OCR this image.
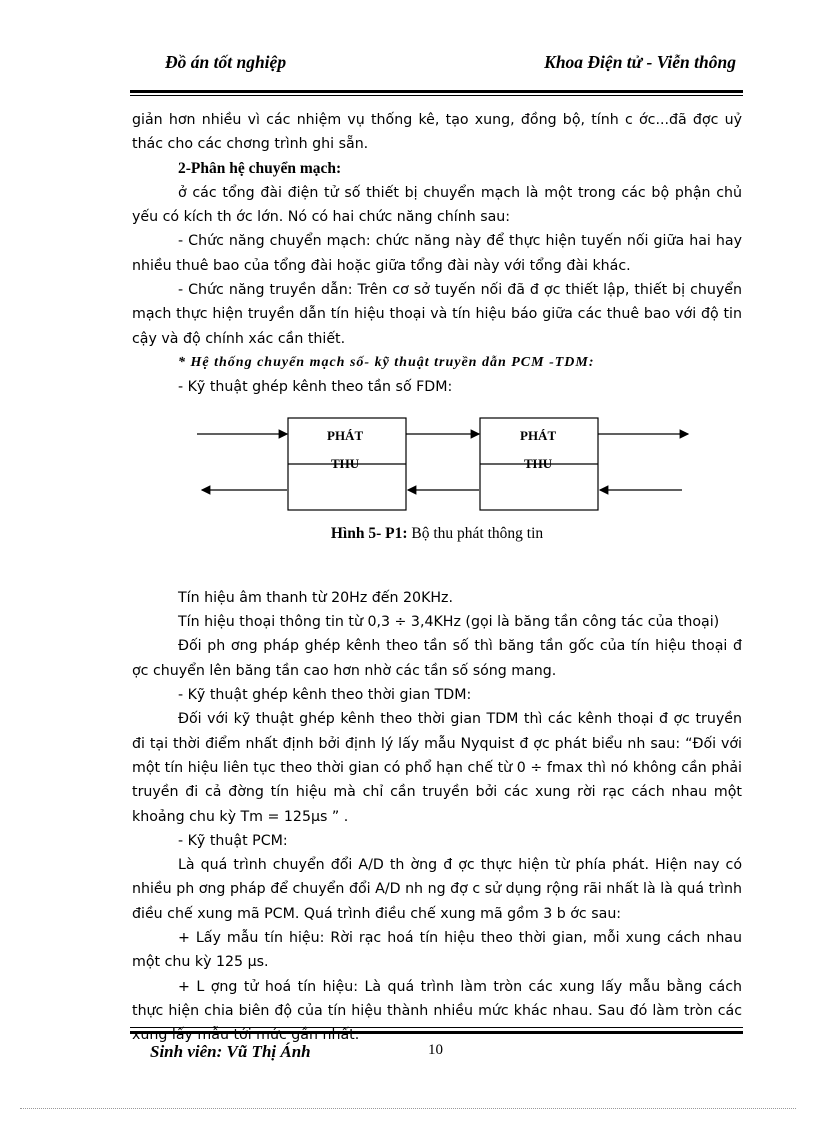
Đồ án tốt nghiệp	Khoa Điện tử - Viễn thông

giản hơn nhiều vì các nhiệm vụ thống kê, tạo xung, đồng bộ, tính c ớc...đã đợc uỷ thác cho các chơng trình ghi sẵn.

2-Phân hệ chuyển mạch:

ở các tổng đài điện tử số thiết bị chuyển mạch là một trong các bộ phận chủ yếu có kích th ớc lớn. Nó có hai chức năng chính sau:

- Chức năng chuyển mạch: chức năng này để thực hiện tuyến nối giữa hai hay nhiều thuê bao của tổng đài hoặc giữa tổng đài này với tổng đài khác.

- Chức năng truyền dẫn: Trên cơ sở tuyến nối đã đ ợc thiết lập, thiết bị chuyển mạch thực hiện truyền dẫn tín hiệu thoại và tín hiệu báo giữa các thuê bao với độ tin cậy và độ chính xác cần thiết.

* Hệ thống chuyển mạch số- kỹ thuật truyền dẫn PCM -TDM:

- Kỹ thuật ghép kênh theo tần số FDM:

PHÁT
THU
PHÁT
THU

Hình 5- P1: Bộ thu phát thông tin

Tín hiệu âm thanh từ 20Hz đến 20KHz.

Tín hiệu thoại thông tin từ 0,3 ÷ 3,4KHz (gọi là băng tần công tác của thoại)

Đối ph ơng pháp ghép kênh theo tần số thì băng tần gốc của tín hiệu thoại đ ợc chuyển lên băng tần cao hơn nhờ các tần số sóng mang.

- Kỹ thuật ghép kênh theo thời gian TDM:

Đối với kỹ thuật ghép kênh theo thời gian TDM thì các kênh thoại đ ợc truyền đi tại thời điểm nhất định bởi định lý lấy mẫu Nyquist đ ợc phát biểu nh sau: “Đối với một tín hiệu liên tục theo thời gian có phổ hạn chế từ 0 ÷ fmax thì nó không cần phải truyền đi cả đờng tín hiệu mà chỉ cần truyền bởi các xung rời rạc cách nhau một khoảng chu kỳ Tm = 125µs ” .

- Kỹ thuật PCM:

Là quá trình chuyển đổi A/D th ờng đ ợc thực hiện từ phía phát. Hiện nay có nhiều ph ơng pháp để chuyển đổi A/D nh ng đợ c sử dụng rộng rãi nhất là là quá trình điều chế xung mã PCM. Quá trình điều chế xung mã gồm 3 b ớc sau:

+ Lấy mẫu tín hiệu: Rời rạc hoá tín hiệu theo thời gian, mỗi xung cách nhau một chu kỳ 125 µs.

+ L ợng tử hoá tín hiệu: Là quá trình làm tròn các xung lấy mẫu bằng cách thực hiện chia biên độ của tín hiệu thành nhiều mức khác nhau. Sau đó làm tròn các xung lấy mẫu tới mức gần nhất.

Sinh viên: Vũ Thị Ánh	10
